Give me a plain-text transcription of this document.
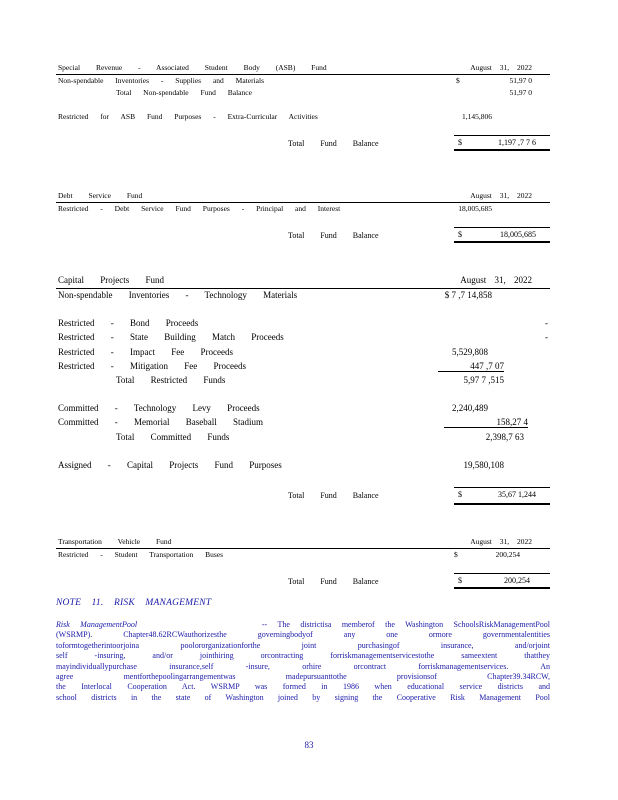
Special Revenue - Associated Student Body (ASB) Fund	August 31, 2022
Non-spendable Inventories - Supplies and Materials	$	51,97 0
Total Non-spendable Fund Balance	51,97 0
Restricted for ASB Fund Purposes - Extra-Curricular Activities	1,145,806
Total Fund Balance	$	1,197 ,7 7 6
Debt Service Fund	August 31, 2022
Restricted - Debt Service Fund Purposes - Principal and Interest	18,005,685
Total Fund Balance	$	18,005,685
Capital Projects Fund	August 31, 2022
Non-spendable Inventories - Technology Materials	$ 7 ,7 14,858
Restricted - Bond Proceeds	-
Restricted - State Building Match Proceeds	-
Restricted - Impact Fee Proceeds	5,529,808
Restricted - Mitigation Fee Proceeds	447 ,7 07
Total Restricted Funds	5,97 7 ,515
Committed - Technology Levy Proceeds	2,240,489
Committed - Memorial Baseball Stadium	158,27 4
Total Committed Funds	2,398,7 63
Assigned - Capital Projects Fund Purposes	19,580,108
Total Fund Balance	$	35,67 1,244
Transportation Vehicle Fund	August 31, 2022
Restricted - Student Transportation Buses	$	200,254
Total Fund Balance	$	200,254
NOTE 11. RISK MANAGEMENT
Risk ManagementPool	-- The districtisa memberof the Washington SchoolsRiskManagementPool
(WSRMP). Chapter48.62RCWauthorizesthe governingbodyof any one ormore governmentalentities
toformtogetherintoorjoina poolororganizationforthe joint purchasingof insurance, and/orjoint
self -insuring, and/or jointhiring orcontracting forriskmanagementservicestothe sameextent thatthey
mayindividuallypurchase insurance,self -insure, orhire orcontract forriskmanagementservices. An
agree mentforthepoolingarrangementwas madepursuanttothe provisionsof Chapter39.34RCW,
the Interlocal Cooperation Act. WSRMP was formed in 1986 when educational service districts and
school districts in the state of Washington joined by signing the Cooperative Risk Management Pool
83
